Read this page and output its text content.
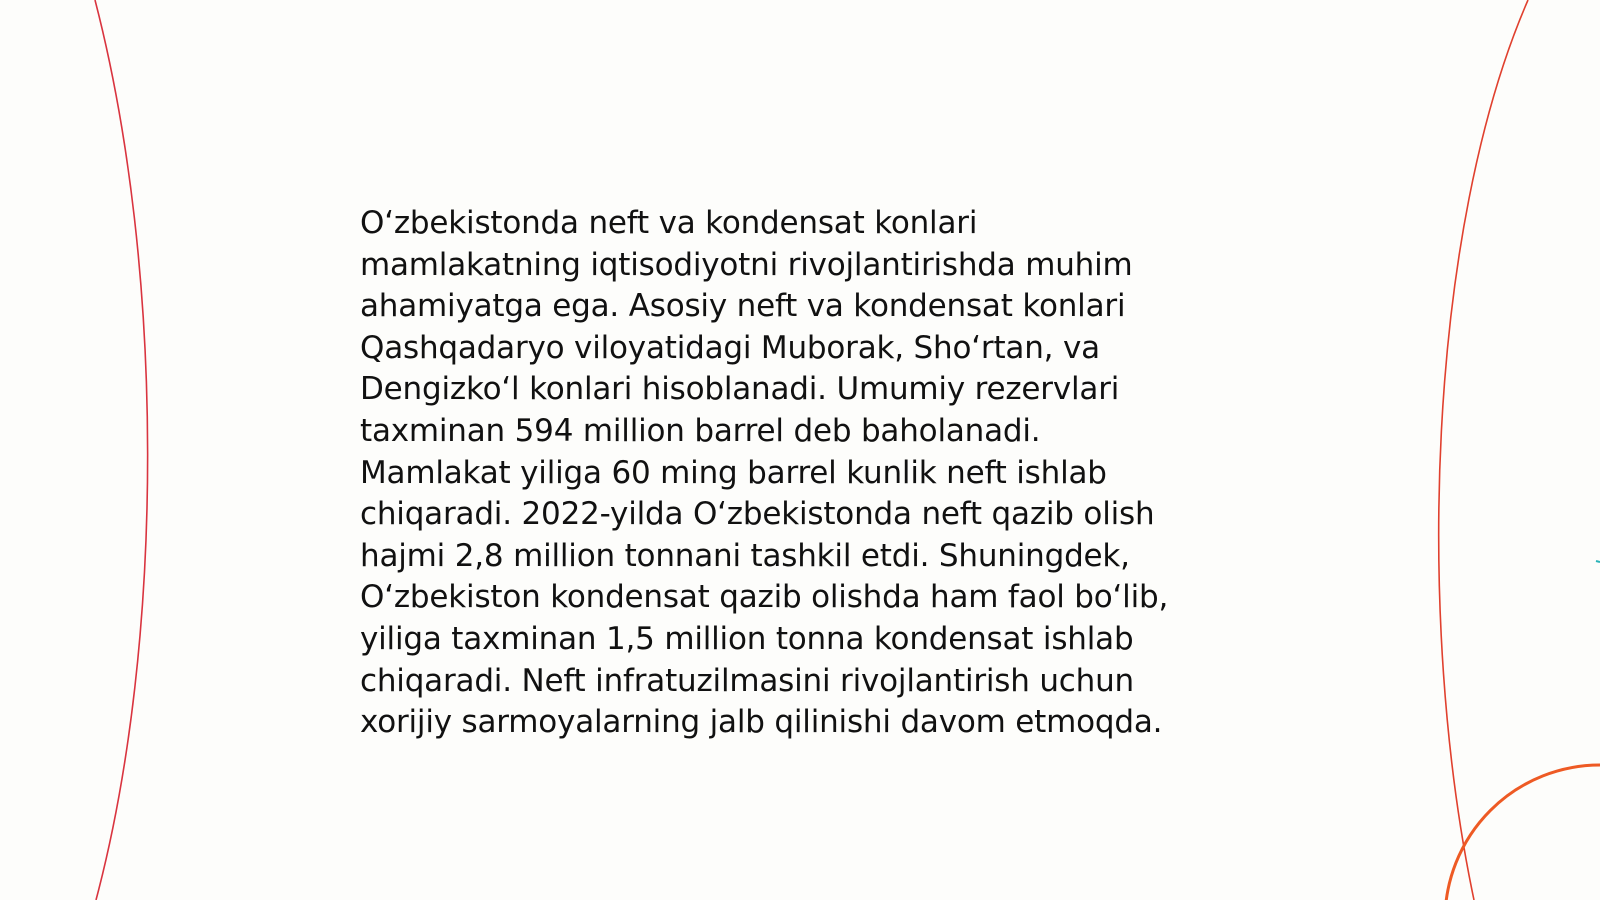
O‘zbekistonda neft va kondensat konlari
mamlakatning iqtisodiyotni rivojlantirishda muhim
ahamiyatga ega. Asosiy neft va kondensat konlari
Qashqadaryo viloyatidagi Muborak, Sho‘rtan, va
Dengizko‘l konlari hisoblanadi. Umumiy rezervlari
taxminan 594 million barrel deb baholanadi.
Mamlakat yiliga 60 ming barrel kunlik neft ishlab
chiqaradi. 2022-yilda O‘zbekistonda neft qazib olish
hajmi 2,8 million tonnani tashkil etdi. Shuningdek,
O‘zbekiston kondensat qazib olishda ham faol bo‘lib,
yiliga taxminan 1,5 million tonna kondensat ishlab
chiqaradi. Neft infratuzilmasini rivojlantirish uchun
xorijiy sarmoyalarning jalb qilinishi davom etmoqda.
